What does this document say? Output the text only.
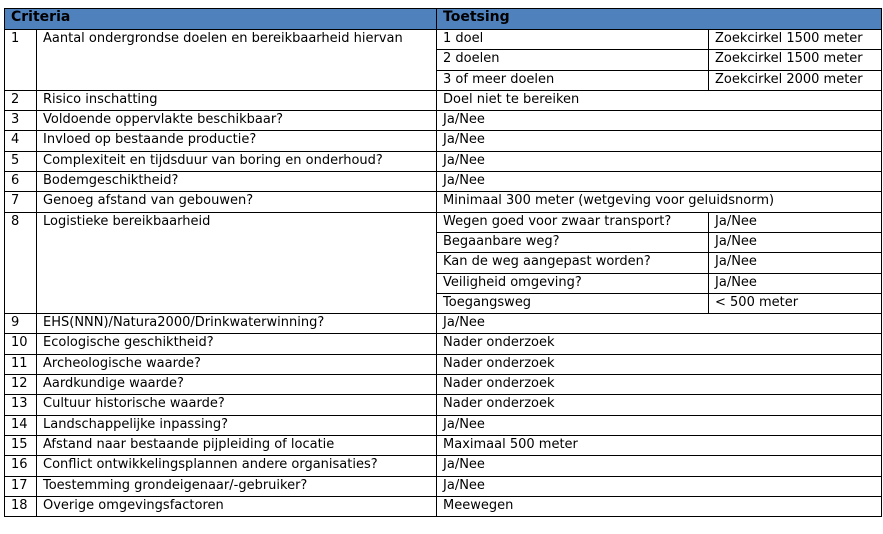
Criteria		Toetsing	
1	Aantal ondergrondse doelen en bereikbaarheid hiervan	1 doel	Zoekcirkel 1500 meter
		2 doelen	Zoekcirkel 1500 meter
		3 of meer doelen	Zoekcirkel 2000 meter
2	Risico inschatting	Doel niet te bereiken	
3	Voldoende oppervlakte beschikbaar?	Ja/Nee	
4	Invloed op bestaande productie?	Ja/Nee	
5	Complexiteit en tijdsduur van boring en onderhoud?	Ja/Nee	
6	Bodemgeschiktheid?	Ja/Nee	
7	Genoeg afstand van gebouwen?	Minimaal 300 meter (wetgeving voor geluidsnorm)	
8	Logistieke bereikbaarheid	Wegen goed voor zwaar transport?	Ja/Nee
		Begaanbare weg?	Ja/Nee
		Kan de weg aangepast worden?	Ja/Nee
		Veiligheid omgeving?	Ja/Nee
		Toegangsweg	< 500 meter
9	EHS(NNN)/Natura2000/Drinkwaterwinning?	Ja/Nee	
10	Ecologische geschiktheid?	Nader onderzoek	
11	Archeologische waarde?	Nader onderzoek	
12	Aardkundige waarde?	Nader onderzoek	
13	Cultuur historische waarde?	Nader onderzoek	
14	Landschappelijke inpassing?	Ja/Nee	
15	Afstand naar bestaande pijpleiding of locatie	Maximaal 500 meter	
16	Conflict ontwikkelingsplannen andere organisaties?	Ja/Nee	
17	Toestemming grondeigenaar/-gebruiker?	Ja/Nee	
18	Overige omgevingsfactoren	Meewegen	
